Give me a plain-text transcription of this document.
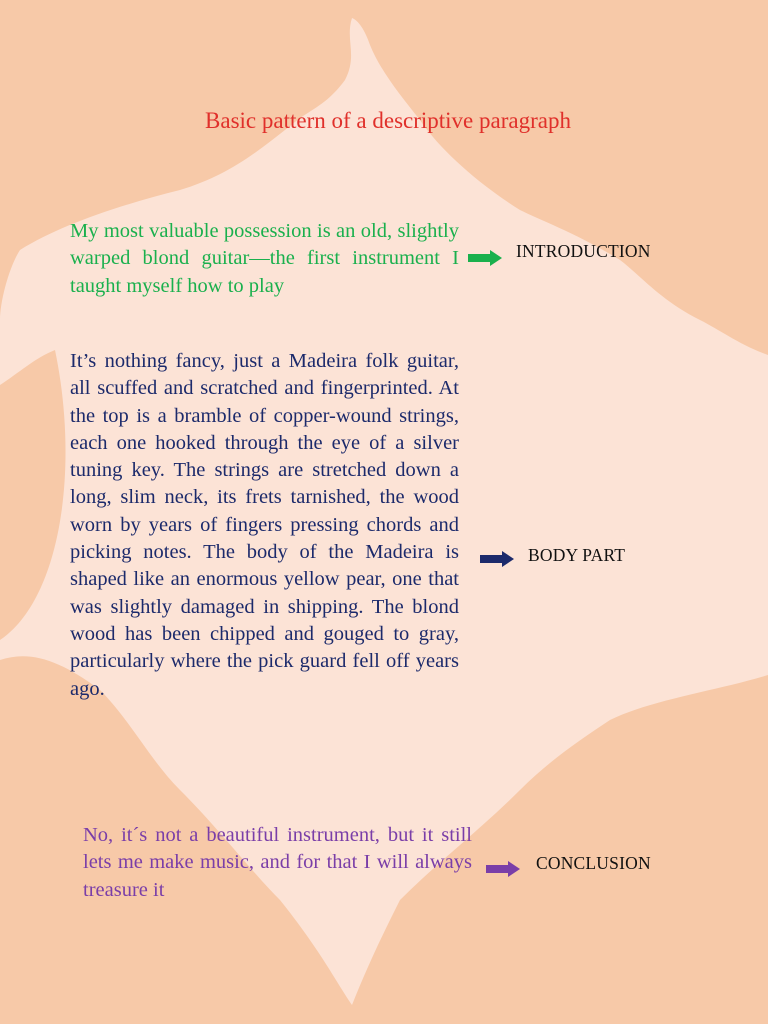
Basic pattern of a descriptive paragraph
My most valuable possession is an old, slightly warped blond guitar—the first instrument I taught myself how to play
INTRODUCTION
It’s nothing fancy, just a Madeira folk guitar, all scuffed and scratched and fingerprinted. At the top is a bramble of copper-wound strings, each one hooked through the eye of a silver tuning key. The strings are stretched down a long, slim neck, its frets tarnished, the wood worn by years of fingers pressing chords and picking notes. The body of the Madeira is shaped like an enormous yellow pear, one that was slightly damaged in shipping. The blond wood has been chipped and gouged to gray, particularly where the pick guard fell off years ago.
BODY PART
No, it´s not a beautiful instrument, but it still lets me make music, and for that I will always treasure it
CONCLUSION
